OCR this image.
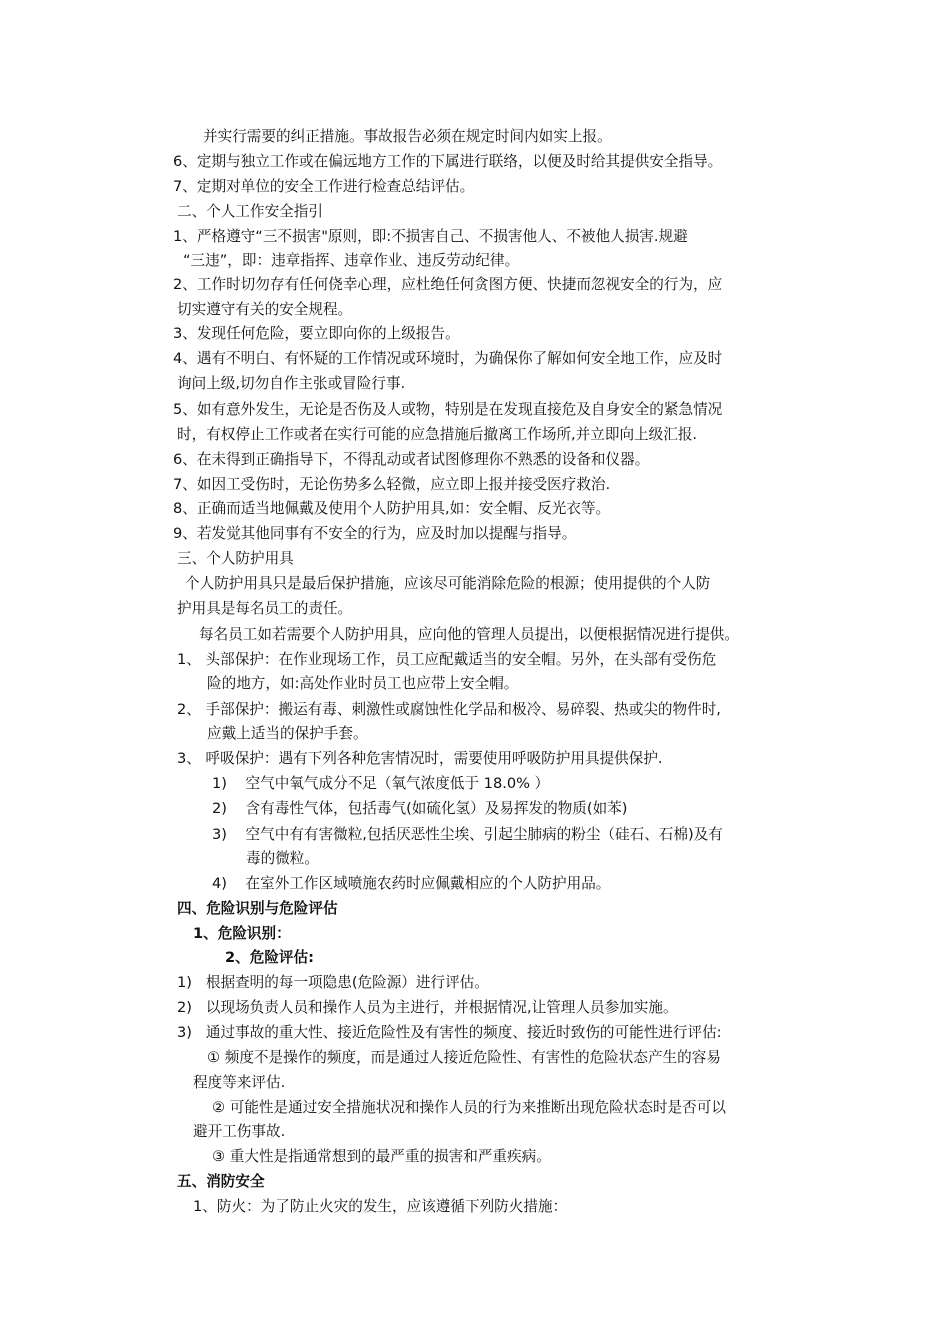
并实行需要的纠正措施。事故报告必须在规定时间内如实上报。

6、定期与独立工作或在偏远地方工作的下属进行联络，以便及时给其提供安全指导。

7、定期对单位的安全工作进行检查总结评估。

二、个人工作安全指引

1、严格遵守“三不损害"原则，即:不损害自己、不损害他人、不被他人损害.规避

“三违”，即：违章指挥、违章作业、违反劳动纪律。

2、工作时切勿存有任何侥幸心理，应杜绝任何贪图方便、快捷而忽视安全的行为，应

切实遵守有关的安全规程。

3、发现任何危险，要立即向你的上级报告。

4、遇有不明白、有怀疑的工作情况或环境时，为确保你了解如何安全地工作，应及时

询问上级,切勿自作主张或冒险行事.

5、如有意外发生，无论是否伤及人或物，特别是在发现直接危及自身安全的紧急情况

时，有权停止工作或者在实行可能的应急措施后撤离工作场所,并立即向上级汇报.

6、在未得到正确指导下，不得乱动或者试图修理你不熟悉的设备和仪器。

7、如因工受伤时，无论伤势多么轻微，应立即上报并接受医疗救治.

8、正确而适当地佩戴及使用个人防护用具,如：安全帽、反光衣等。

9、若发觉其他同事有不安全的行为，应及时加以提醒与指导。

三、个人防护用具

个人防护用具只是最后保护措施，应该尽可能消除危险的根源；使用提供的个人防

护用具是每名员工的责任。

每名员工如若需要个人防护用具，应向他的管理人员提出，以便根据情况进行提供。

1、 头部保护：在作业现场工作，员工应配戴适当的安全帽。另外，在头部有受伤危

险的地方，如:高处作业时员工也应带上安全帽。

2、 手部保护：搬运有毒、刺激性或腐蚀性化学品和极冷、易碎裂、热或尖的物件时,

应戴上适当的保护手套。

3、 呼吸保护：遇有下列各种危害情况时，需要使用呼吸防护用具提供保护.

1)    空气中氧气成分不足（氧气浓度低于 18.0% ）

2)    含有毒性气体，包括毒气(如硫化氢）及易挥发的物质(如苯)

3)    空气中有有害微粒,包括厌恶性尘埃、引起尘肺病的粉尘（硅石、石棉)及有

毒的微粒。

4)    在室外工作区域喷施农药时应佩戴相应的个人防护用品。

四、危险识别与危险评估

1、危险识别：

2、危险评估:

1)   根据查明的每一项隐患(危险源）进行评估。

2)   以现场负责人员和操作人员为主进行，并根据情况,让管理人员参加实施。

3)   通过事故的重大性、接近危险性及有害性的频度、接近时致伤的可能性进行评估:

① 频度不是操作的频度，而是通过人接近危险性、有害性的危险状态产生的容易

程度等来评估.

② 可能性是通过安全措施状况和操作人员的行为来推断出现危险状态时是否可以

避开工伤事故.

③ 重大性是指通常想到的最严重的损害和严重疾病。

五、消防安全

1、防火：为了防止火灾的发生，应该遵循下列防火措施：
